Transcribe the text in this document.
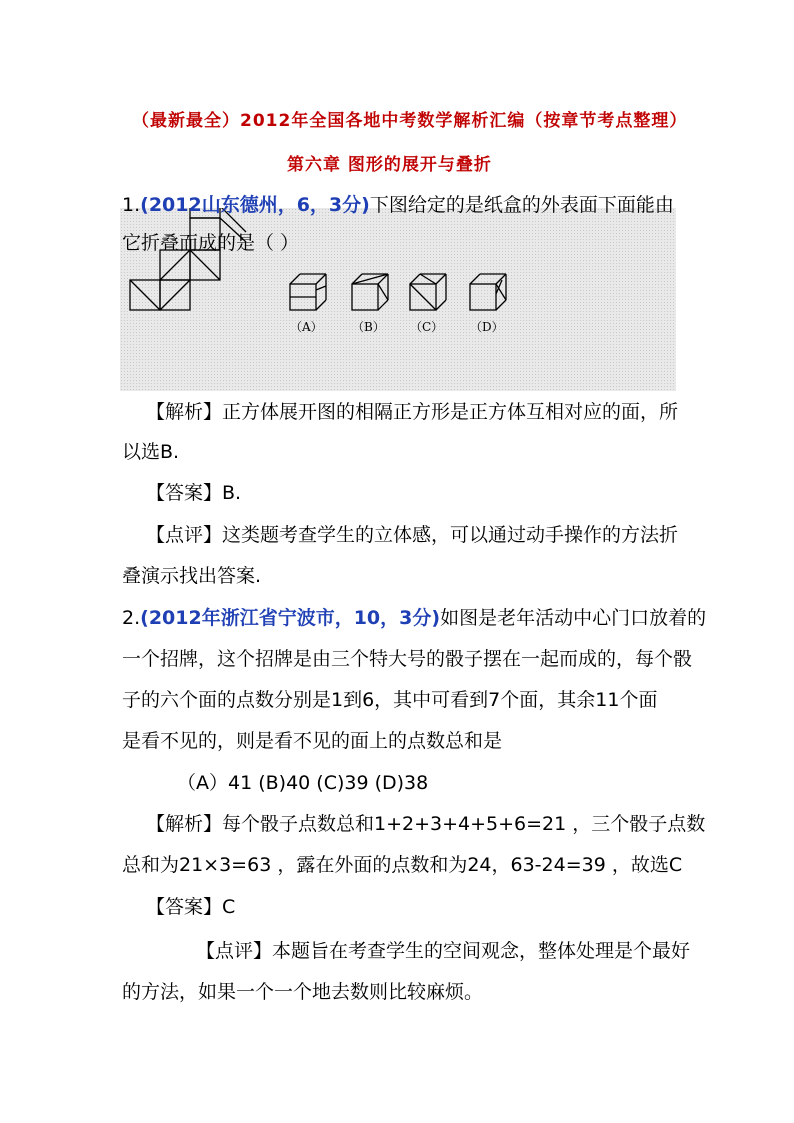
（最新最全）2012年全国各地中考数学解析汇编（按章节考点整理）
第六章 图形的展开与叠折
（A） （B） （C） （D）
1.(2012山东德州，6，3分)下图给定的是纸盒的外表面下面能由
它折叠而成的是（ ）
【解析】正方体展开图的相隔正方形是正方体互相对应的面，所
以选B.
【答案】B.
【点评】这类题考查学生的立体感，可以通过动手操作的方法折
叠演示找出答案.
2.(2012年浙江省宁波市，10，3分)如图是老年活动中心门口放着的
一个招牌，这个招牌是由三个特大号的骰子摆在一起而成的，每个骰
子的六个面的点数分别是1到6，其中可看到7个面，其余11个面
是看不见的，则是看不见的面上的点数总和是
（A）41 (B)40 (C)39 (D)38
【解析】每个骰子点数总和1+2+3+4+5+6=21 ，三个骰子点数
总和为21×3=63 ，露在外面的点数和为24，63-24=39 ，故选C
【答案】C
【点评】本题旨在考查学生的空间观念，整体处理是个最好
的方法，如果一个一个地去数则比较麻烦。
